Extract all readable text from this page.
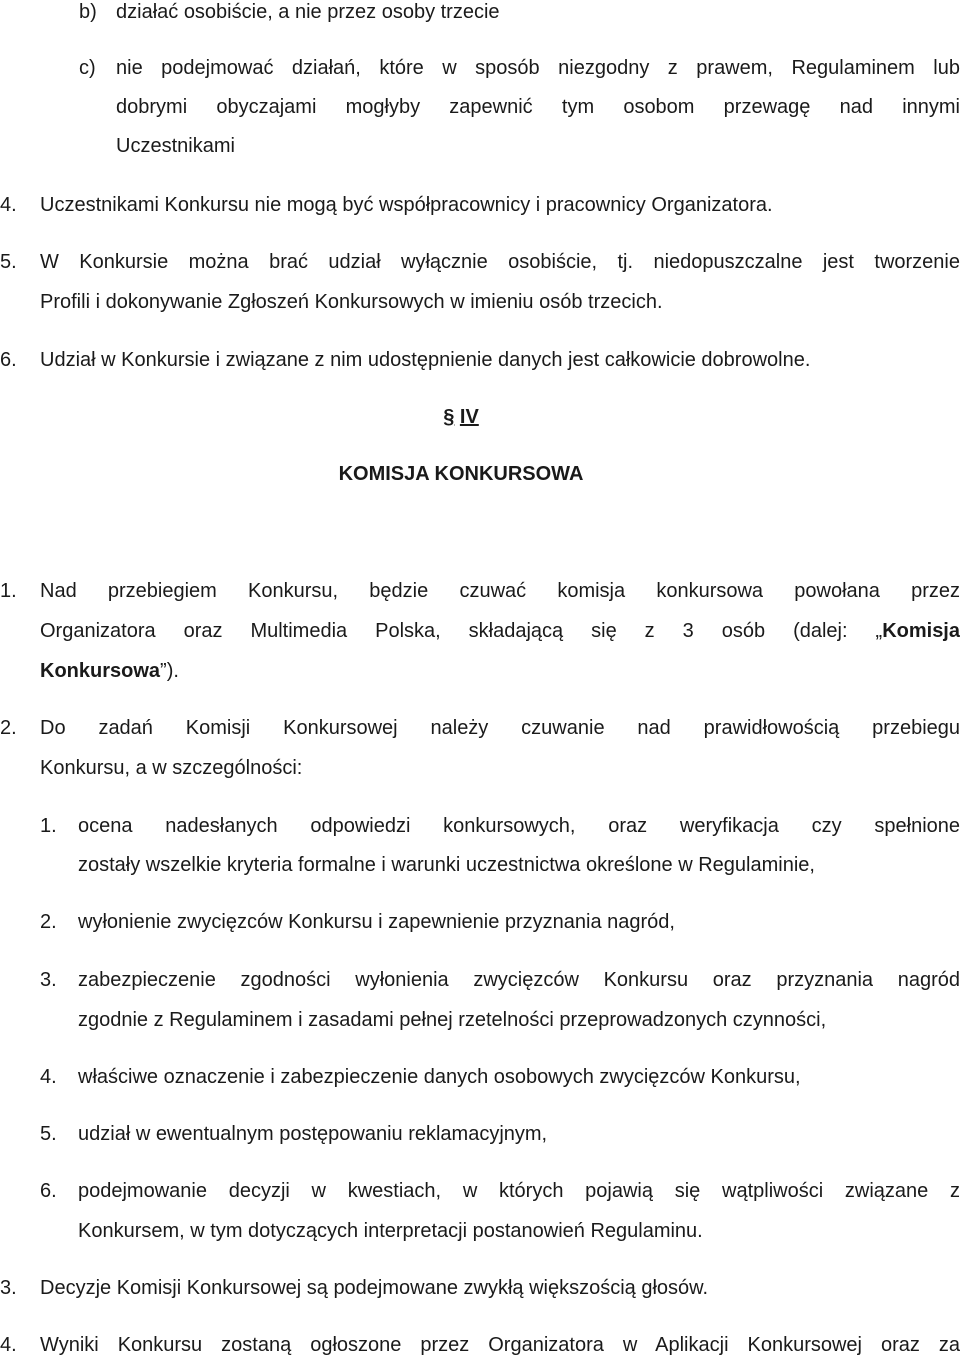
b) działać osobiście, a nie przez osoby trzecie
c) nie podejmować działań, które w sposób niezgodny z prawem, Regulaminem lub
dobrymi obyczajami mogłyby zapewnić tym osobom przewagę nad innymi
Uczestnikami
4. Uczestnikami Konkursu nie mogą być współpracownicy i pracownicy Organizatora.
5. W Konkursie można brać udział wyłącznie osobiście, tj. niedopuszczalne jest tworzenie
Profili i dokonywanie Zgłoszeń Konkursowych w imieniu osób trzecich.
6. Udział w Konkursie i związane z nim udostępnienie danych jest całkowicie dobrowolne.
§ IV
KOMISJA KONKURSOWA
1. Nad przebiegiem Konkursu, będzie czuwać komisja konkursowa powołana przez
Organizatora oraz Multimedia Polska, składającą się z 3 osób (dalej: „Komisja
Konkursowa”).
2. Do zadań Komisji Konkursowej należy czuwanie nad prawidłowością przebiegu
Konkursu, a w szczególności:
1. ocena nadesłanych odpowiedzi konkursowych, oraz weryfikacja czy spełnione
zostały wszelkie kryteria formalne i warunki uczestnictwa określone w Regulaminie,
2. wyłonienie zwycięzców Konkursu i zapewnienie przyznania nagród,
3. zabezpieczenie zgodności wyłonienia zwycięzców Konkursu oraz przyznania nagród
zgodnie z Regulaminem i zasadami pełnej rzetelności przeprowadzonych czynności,
4. właściwe oznaczenie i zabezpieczenie danych osobowych zwycięzców Konkursu,
5. udział w ewentualnym postępowaniu reklamacyjnym,
6. podejmowanie decyzji w kwestiach, w których pojawią się wątpliwości związane z
Konkursem, w tym dotyczących interpretacji postanowień Regulaminu.
3. Decyzje Komisji Konkursowej są podejmowane zwykłą większością głosów.
4. Wyniki Konkursu zostaną ogłoszone przez Organizatora w Aplikacji Konkursowej oraz za
